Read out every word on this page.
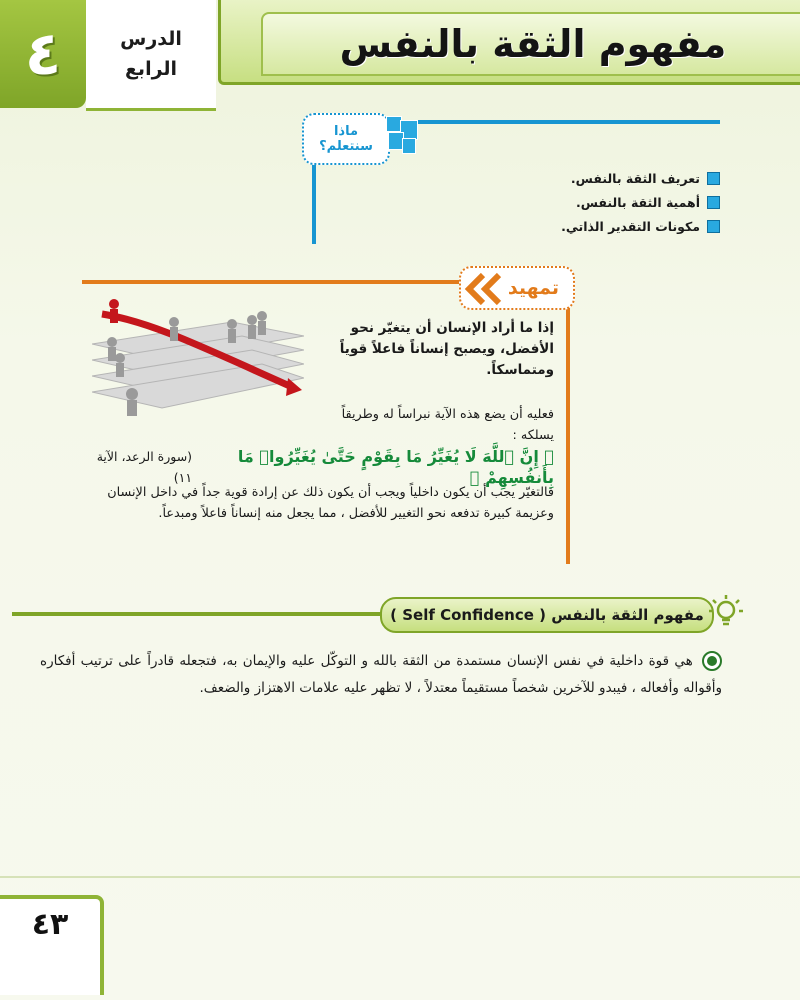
٤	الدرس
الرابع
مفهوم الثقة بالنفس
ماذا
سنتعلم؟
تعريف الثقة بالنفس.
أهمية الثقة بالنفس.
مكونات التقدير الذاتي.
تمهيد
إذا ما أراد الإنسان أن يتغيّر نحو الأفضل، ويصبح إنساناً فاعلاً قوياً ومتماسكاً.
فعليه أن يضع هذه الآية نبراساً له وطريقاً يسلكه :
﴿ إِنَّ ٱللَّهَ لَا يُغَيِّرُ مَا بِقَوْمٍ حَتَّىٰ يُغَيِّرُوا۟ مَا بِأَنفُسِهِمْ ﴾
(سورة الرعد، الآية ١١)
فالتغيّر يجب أن يكون داخلياً ويجب أن يكون ذلك عن إرادة قوية جداً في داخل الإنسان وعزيمة كبيرة تدفعه نحو التغيير للأفضل ، مما يجعل منه إنساناً فاعلاً ومبدعاً.
مفهوم الثقة بالنفس ( Self Confidence )
هي قوة داخلية في نفس الإنسان مستمدة من الثقة بالله و التوكّل عليه والإيمان به، فتجعله قادراً على ترتيب أفكاره وأقواله وأفعاله ، فيبدو للآخرين شخصاً مستقيماً معتدلاً ، لا تظهر عليه علامات الاهتزاز والضعف.
٤٣
